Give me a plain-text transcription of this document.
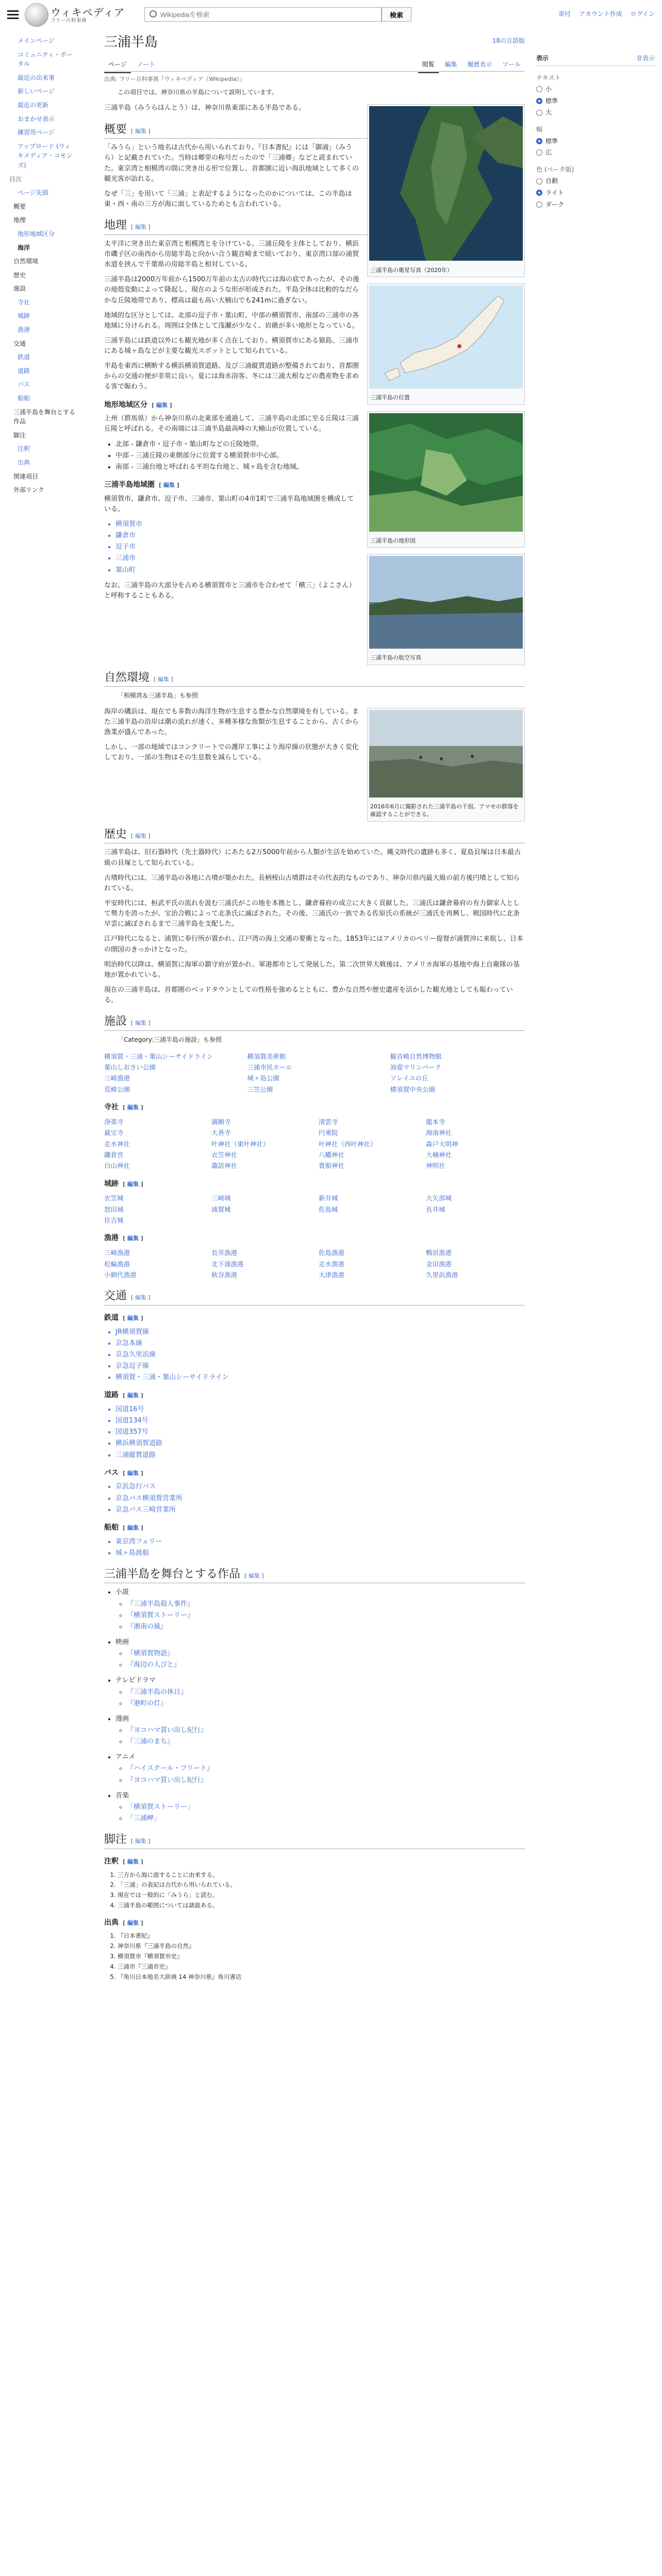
ウィキペディア
フリー百科事典
Wikipediaを検索
検索	寄付 アカウント作成 ログイン
メインページ
コミュニティ・ポータル
最近の出来事
新しいページ
最近の更新
おまかせ表示
練習用ページ
アップロード (ウィキメディア・コモンズ)
目次
ページ先頭
概要
地理
地形地域区分
海洋
自然環境
歴史
施設
寺社
城跡
漁港
交通
鉄道
道路
バス
船舶
三浦半島を舞台とする作品
脚注
注釈
出典
関連項目
外部リンク
三浦半島	18の言語版
ページ ノート	閲覧 編集 履歴表示 ツール
出典: フリー百科事典『ウィキペディア（Wikipedia）』
この項目では、神奈川県の半島について説明しています。
三浦半島の衛星写真（2020年）

三浦半島（みうらはんとう）は、神奈川県東部にある半島である。

概要 [ 編集 ]

「みうら」という地名は古代から用いられており、『日本書紀』には「御浦」（みうら）と記載されていた。当時は郷里の称号だったので「三浦郷」などと読まれていた。東京湾と相模湾の間に突き出る形で位置し、首都圏に近い海浜地域として多くの観光客が訪れる。

なぜ「三」を用いて「三浦」と表記するようになったのかについては、この半島は東・西・南の三方が海に面しているためとも言われている。

地理 [ 編集 ]
三浦半島の位置

太平洋に突き出た東京湾と相模湾とを分けている。三浦丘陵を主体としており、横浜市磯子区の南西から房総半島と向かい合う観音崎まで続いており、東京湾口部の浦賀水道を挟んで千葉県の房総半島と相対している。

三浦半島は2000万年前から1500万年前の太古の時代には海の底であったが、その後の地殻変動によって隆起し、現在のような形が形成された。半島全体は比較的なだらかな丘陵地帯であり、標高は最も高い大楠山でも241mに過ぎない。

三浦半島の地形図

地域的な区分としては、北部の逗子市・葉山町、中部の横須賀市、南部の三浦市の各地域に分けられる。周囲は全体として浅瀬が少なく、岩礁が多い地形となっている。

三浦半島には鉄道以外にも観光地が多く点在しており、横須賀市にある猿島、三浦市にある城ヶ島などが主要な観光スポットとして知られている。

三浦半島の航空写真

半島を東西に横断する横浜横須賀道路、及び三浦縦貫道路が整備されており、首都圏からの交通の便が非常に良い。夏には海水浴客、冬には三浦大根などの農産物を求める客で賑わう。

地形地域区分 [ 編集 ]

上州（群馬県）から神奈川県の北東部を通過して、三浦半島の北部に至る丘陵は三浦丘陵と呼ばれる。その南端には三浦半島最高峰の大楠山が位置している。

• 北部 - 鎌倉市・逗子市・葉山町などの丘陵地帯。
• 中部 - 三浦丘陵の東側部分に位置する横須賀市中心部。
• 南部 - 三浦台地と呼ばれる平坦な台地と、城ヶ島を含む地域。
三浦半島地域圏 [ 編集 ]

横須賀市、鎌倉市、逗子市、三浦市、葉山町の4市1町で三浦半島地域圏を構成している。

• 横須賀市
• 鎌倉市
• 逗子市
• 三浦市
• 葉山町

なお、三浦半島の大部分を占める横須賀市と三浦市を合わせて「横三」（よこさん）と呼称することもある。

自然環境 [ 編集 ]
「相模湾＆三浦半島」も参照
2016年6月に撮影された三浦半島の干潟。アマモの群落を確認することができる。

海岸の磯浜は、現在でも多数の海洋生物が生息する豊かな自然環境を有している。また三浦半島の沿岸は潮の流れが速く、多種多様な魚類が生息することから、古くから漁業が盛んであった。

しかし、一部の地域ではコンクリートでの護岸工事により海岸線の状態が大きく変化しており、一部の生物はその生息数を減らしている。

歴史 [ 編集 ]

三浦半島は、旧石器時代（先土器時代）にあたる2万5000年前から人類が生活を始めていた。縄文時代の遺跡も多く、夏島貝塚は日本最古級の貝塚として知られている。

古墳時代には、三浦半島の各地に古墳が築かれた。長柄桜山古墳群はその代表的なものであり、神奈川県内最大級の前方後円墳として知られている。

平安時代には、桓武平氏の流れを汲む三浦氏がこの地を本拠とし、鎌倉幕府の成立に大きく貢献した。三浦氏は鎌倉幕府の有力御家人として勢力を誇ったが、宝治合戦によって北条氏に滅ぼされた。その後、三浦氏の一族である佐原氏の系統が三浦氏を再興し、戦国時代に北条早雲に滅ぼされるまで三浦半島を支配した。

江戸時代になると、浦賀に奉行所が置かれ、江戸湾の海上交通の要衝となった。1853年にはアメリカのペリー提督が浦賀沖に来航し、日本の開国のきっかけとなった。

明治時代以降は、横須賀に海軍の鎮守府が置かれ、軍港都市として発展した。第二次世界大戦後は、アメリカ海軍の基地や海上自衛隊の基地が置かれている。

現在の三浦半島は、首都圏のベッドタウンとしての性格を強めるとともに、豊かな自然や歴史遺産を活かした観光地としても賑わっている。

施設 [ 編集 ]
「Category:三浦半島の施設」も参照
横須賀・三浦・葉山シーサイドライン	横須賀美術館	観音崎自然博物館
葉山しおさい公園	三浦市民ホール	油壺マリンパーク
三崎漁港	城ヶ島公園	ソレイユの丘
荒崎公園	三笠公園	横須賀中央公園
寺社 [ 編集 ]
浄楽寺	満願寺	清雲寺	龍本寺
最宝寺	大善寺	円乗院	海南神社
走水神社	叶神社（東叶神社）	叶神社（西叶神社）	森戸大明神
鎌倉宮	衣笠神社	八幡神社	大楠神社
白山神社	諏訪神社	貴船神社	神明社
城跡 [ 編集 ]
衣笠城	三崎城	新井城	大矢部城
怒田城	浦賀城	佐島城	長井城
住吉城
漁港 [ 編集 ]
三崎漁港	長井漁港	佐島漁港	鴨居漁港
松輪漁港	北下浦漁港	走水漁港	金田漁港
小網代漁港	秋谷漁港	大津漁港	久里浜漁港
交通 [ 編集 ]
鉄道 [ 編集 ]
• JR横須賀線
• 京急本線
• 京急久里浜線
• 京急逗子線
• 横須賀・三浦・葉山シーサイドライン
道路 [ 編集 ]
• 国道16号
• 国道134号
• 国道357号
• 横浜横須賀道路
• 三浦縦貫道路
バス [ 編集 ]
• 京浜急行バス
• 京急バス横須賀営業所
• 京急バス三崎営業所
船舶 [ 編集 ]
• 東京湾フェリー
• 城ヶ島渡船
三浦半島を舞台とする作品 [ 編集 ]
• 小説
◦ 『三浦半島殺人事件』
◦ 『横須賀ストーリー』
◦ 『湘南の風』
• 映画
◦ 『横須賀物語』
◦ 『海辺の人びと』
• テレビドラマ
◦ 『三浦半島の休日』
◦ 『港町の灯』
• 漫画
◦ 『ヨコハマ買い出し紀行』
◦ 『三浦のまち』
• アニメ
◦ 『ハイスクール・フリート』
◦ 『ヨコハマ買い出し紀行』
• 音楽
◦ 「横須賀ストーリー」
◦ 「三浦岬」
脚注 [ 編集 ]
注釈 [ 編集 ]
1. 三方から海に面することに由来する。
2. 「三浦」の表記は古代から用いられている。
3. 現在では一般的に「みうら」と読む。
4. 三浦半島の範囲については諸説ある。
出典 [ 編集 ]
1. 『日本書紀』
2. 神奈川県『三浦半島の自然』
3. 横須賀市『横須賀市史』
4. 三浦市『三浦市史』
5. 『角川日本地名大辞典 14 神奈川県』角川書店
表示	非表示
テキスト
小
標準
大
幅
標準
広
色 (ベータ版)
自動
ライト
ダーク
